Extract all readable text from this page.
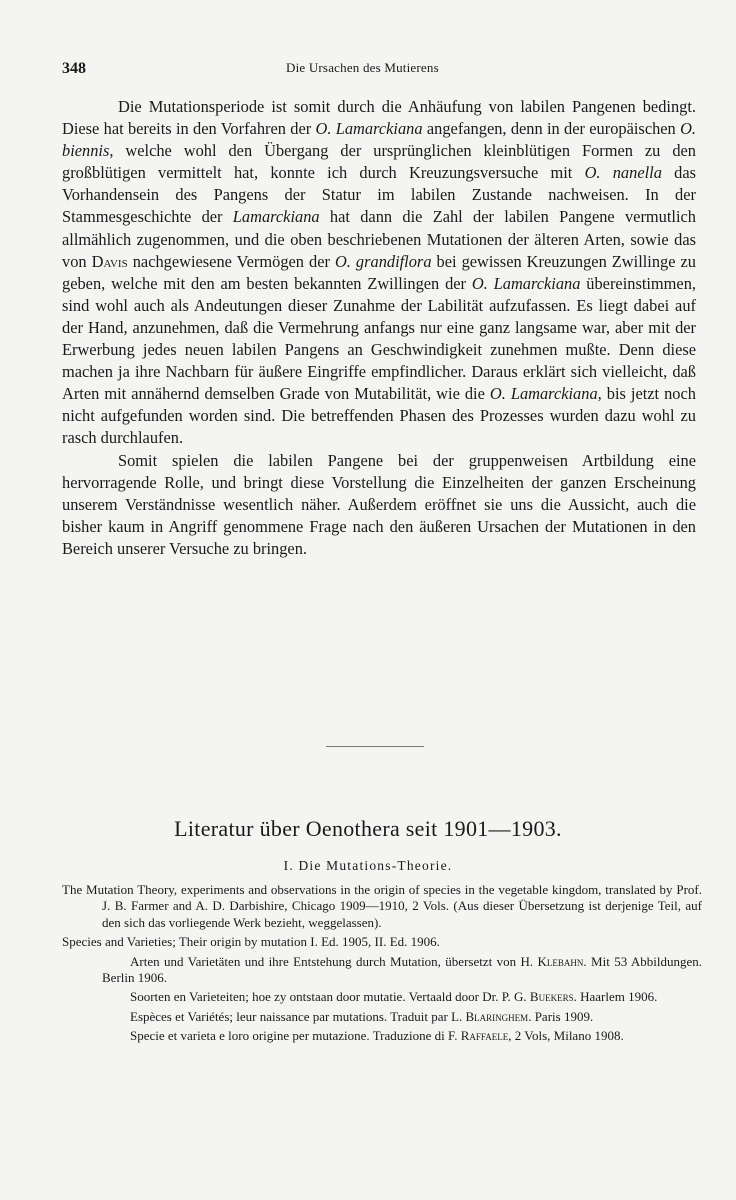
348	Die Ursachen des Mutierens

Die Mutationsperiode ist somit durch die Anhäufung von labilen Pangenen bedingt. Diese hat bereits in den Vorfahren der O. Lamarckiana angefangen, denn in der europäischen O. biennis, welche wohl den Übergang der ursprünglichen kleinblütigen Formen zu den großblütigen vermittelt hat, konnte ich durch Kreuzungsversuche mit O. nanella das Vorhandensein des Pangens der Statur im labilen Zustande nachweisen. In der Stammesgeschichte der Lamarckiana hat dann die Zahl der labilen Pangene vermutlich allmählich zugenommen, und die oben beschriebenen Mutationen der älteren Arten, sowie das von Davis nachgewiesene Vermögen der O. grandiflora bei gewissen Kreuzungen Zwillinge zu geben, welche mit den am besten bekannten Zwillingen der O. Lamarckiana übereinstimmen, sind wohl auch als Andeutungen dieser Zunahme der Labilität aufzufassen. Es liegt dabei auf der Hand, anzunehmen, daß die Vermehrung anfangs nur eine ganz langsame war, aber mit der Erwerbung jedes neuen labilen Pangens an Geschwindigkeit zunehmen mußte. Denn diese machen ja ihre Nachbarn für äußere Eingriffe empfindlicher. Daraus erklärt sich vielleicht, daß Arten mit annähernd demselben Grade von Mutabilität, wie die O. Lamarckiana, bis jetzt noch nicht aufgefunden worden sind. Die betreffenden Phasen des Prozesses wurden dazu wohl zu rasch durchlaufen.

Somit spielen die labilen Pangene bei der gruppenweisen Artbildung eine hervorragende Rolle, und bringt diese Vorstellung die Einzelheiten der ganzen Erscheinung unserem Verständnisse wesentlich näher. Außerdem eröffnet sie uns die Aussicht, auch die bisher kaum in Angriff genommene Frage nach den äußeren Ursachen der Mutationen in den Bereich unserer Versuche zu bringen.

Literatur über Oenothera seit 1901—1903.
I. Die Mutations-Theorie.
The Mutation Theory, experiments and observations in the origin of species in the vegetable kingdom, translated by Prof. J. B. Farmer and A. D. Darbishire, Chicago 1909—1910, 2 Vols. (Aus dieser Übersetzung ist derjenige Teil, auf den sich das vorliegende Werk bezieht, weggelassen).
Species and Varieties; Their origin by mutation I. Ed. 1905, II. Ed. 1906.
Arten und Varietäten und ihre Entstehung durch Mutation, übersetzt von H. Klebahn. Mit 53 Abbildungen. Berlin 1906.
Soorten en Varieteiten; hoe zy ontstaan door mutatie. Vertaald door Dr. P. G. Buekers. Haarlem 1906.
Espèces et Variétés; leur naissance par mutations. Traduit par L. Blaringhem. Paris 1909.
Specie et varieta e loro origine per mutazione. Traduzione di F. Raffaele, 2 Vols, Milano 1908.
